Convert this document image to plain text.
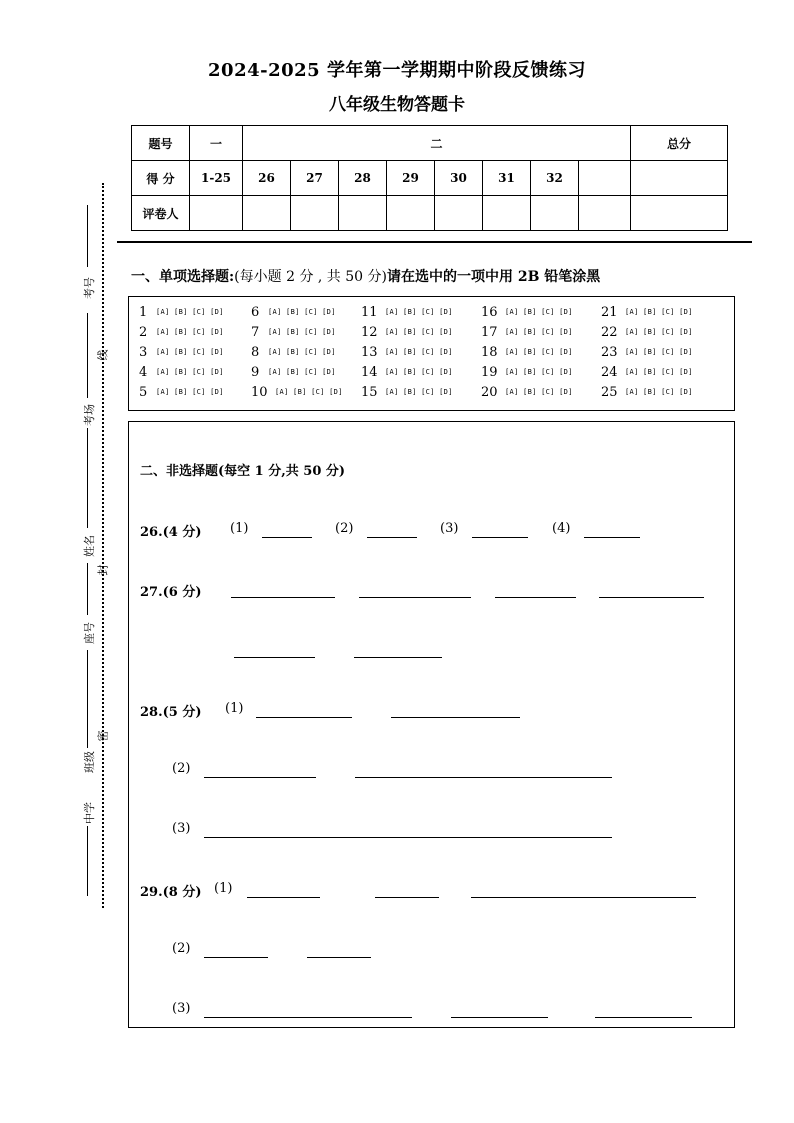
2024-2025 学年第一学期期中阶段反馈练习
八年级生物答题卡
题号	一	二								总分
得 分	1-25	26	27	28	29	30	31	32		
评卷人										
一、单项选择题:(每小题 2 分 , 共 50 分)请在选中的一项中用 2B 铅笔涂黑
1 [A] [B] [C] [D] 6 [A] [B] [C] [D] 11 [A] [B] [C] [D] 16 [A] [B] [C] [D] 21 [A] [B] [C] [D]
2 [A] [B] [C] [D] 7 [A] [B] [C] [D] 12 [A] [B] [C] [D] 17 [A] [B] [C] [D] 22 [A] [B] [C] [D]
3 [A] [B] [C] [D] 8 [A] [B] [C] [D] 13 [A] [B] [C] [D] 18 [A] [B] [C] [D] 23 [A] [B] [C] [D]
4 [A] [B] [C] [D] 9 [A] [B] [C] [D] 14 [A] [B] [C] [D] 19 [A] [B] [C] [D] 24 [A] [B] [C] [D]
5 [A] [B] [C] [D] 10 [A] [B] [C] [D] 15 [A] [B] [C] [D] 20 [A] [B] [C] [D] 25 [A] [B] [C] [D]
二、非选择题(每空 1 分,共 50 分)
26.(4 分) (1)	(2)	(3)	(4)
27.(6 分)
28.(5 分) (1)
(2)
(3)
29.(8 分) (1)
(2)
(3)
考号
考场
姓名
座号
班级
中学
线
封
密
